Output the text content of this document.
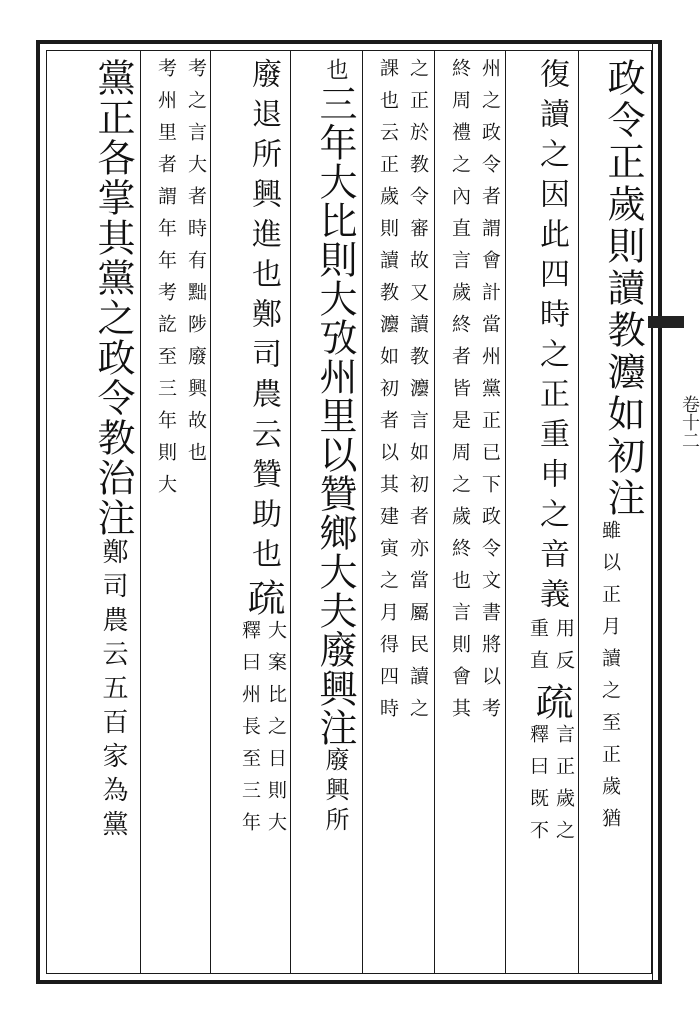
卷十二
政令正歲則讀教灋如初注雖以正月讀之至正歲猶
復讀之因此四時之正重申之音義重直 用反疏釋曰既不 言正歲之
終周禮之內直言歲終者皆是周之歲終也言則會其 州之政令者謂會計當州黨正已下政令文書將以考
課也云正歲則讀教灋如初者以其建寅之月得四時 之正於教令審故又讀教灋言如初者亦當屬民讀之
也三年大比則大攷州里以贊鄉大夫廢興注廢興所
廢退所興進也鄭司農云贊助也疏釋曰州長至三年 大案比之日則大
考州里者謂年年考訖至三年則大 考之言大者時有黜陟廢興故也
黨正各掌其黨之政令教治注鄭司農云五百家為黨
